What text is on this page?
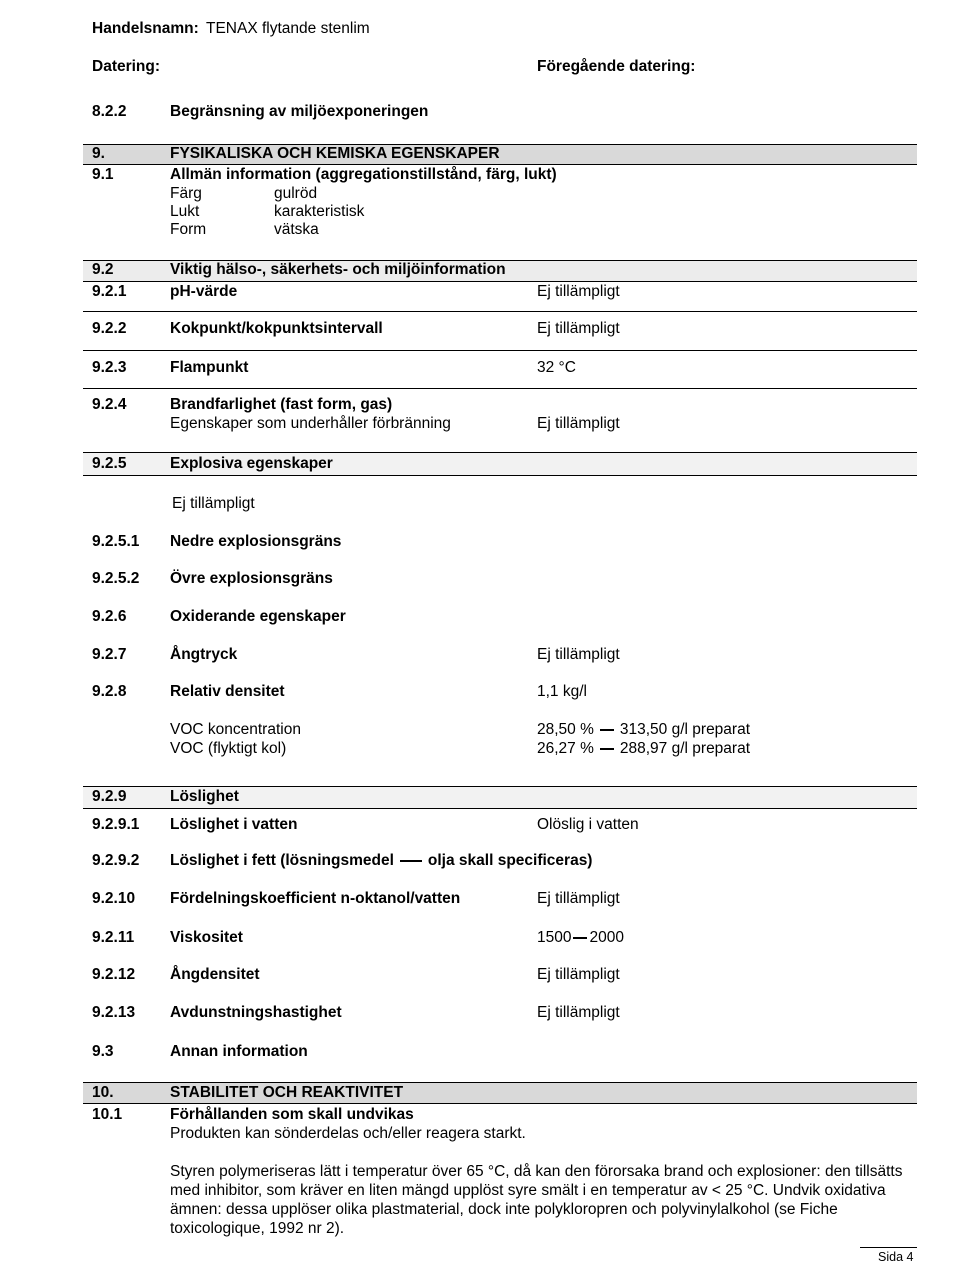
Handelsnamn: TENAX flytande stenlim
Datering:	Föregående datering:
8.2.2	Begränsning av miljöexponeringen
9.	FYSIKALISKA OCH KEMISKA EGENSKAPER
9.1	Allmän information (aggregationstillstånd, färg, lukt)
Färg	gulröd
Lukt	karakteristisk
Form	vätska
9.2	Viktig hälso-, säkerhets- och miljöinformation
9.2.1	pH-värde	Ej tillämpligt
9.2.2	Kokpunkt/kokpunktsintervall	Ej tillämpligt
9.2.3	Flampunkt	32 °C
9.2.4	Brandfarlighet (fast form, gas)
Egenskaper som underhåller förbränning	Ej tillämpligt
9.2.5	Explosiva egenskaper
Ej tillämpligt
9.2.5.1 Nedre explosionsgräns
9.2.5.2 Övre explosionsgräns
9.2.6	Oxiderande egenskaper
9.2.7	Ångtryck	Ej tillämpligt
9.2.8	Relativ densitet	1,1 kg/l
VOC koncentration	28,50 % 313,50 g/l preparat
VOC (flyktigt kol)	26,27 % 288,97 g/l preparat
9.2.9	Löslighet
9.2.9.1 Löslighet i vatten	Olöslig i vatten
9.2.9.2 Löslighet i fett (lösningsmedel olja skall specificeras)
9.2.10 Fördelningskoefficient n-oktanol/vatten	Ej tillämpligt
9.2.11 Viskositet	1500 2000
9.2.12 Ångdensitet	Ej tillämpligt
9.2.13 Avdunstningshastighet	Ej tillämpligt
9.3	Annan information
10.	STABILITET OCH REAKTIVITET
10.1	Förhållanden som skall undvikas
Produkten kan sönderdelas och/eller reagera starkt.
Styren polymeriseras lätt i temperatur över 65 °C, då kan den förorsaka brand och explosioner: den tillsätts med inhibitor, som kräver en liten mängd upplöst syre smält i en temperatur av < 25 °C. Undvik oxidativa ämnen: dessa upplöser olika plastmaterial, dock inte polykloropren och polyvinylalkohol (se Fiche toxicologique, 1992 nr 2).
Sida 4
